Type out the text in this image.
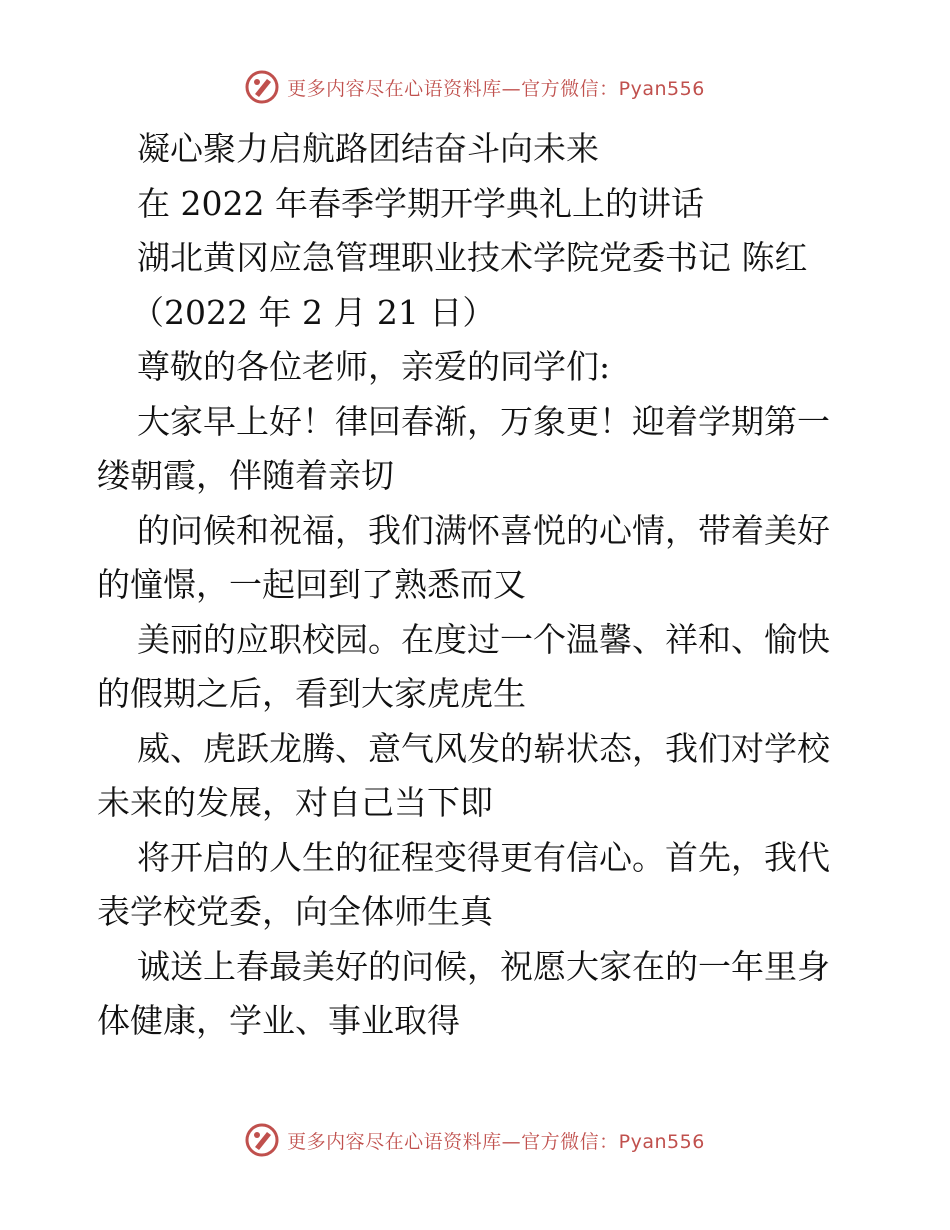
更多内容尽在心语资料库—官方微信：Pyan556
凝心聚力启航路团结奋斗向未来
在 2022 年春季学期开学典礼上的讲话
湖北黄冈应急管理职业技术学院党委书记 陈红
（2022 年 2 月 21 日）
尊敬的各位老师，亲爱的同学们:
大家早上好！律回春渐，万象更！迎着学期第一
缕朝霞，伴随着亲切
的问候和祝福，我们满怀喜悦的心情，带着美好
的憧憬，一起回到了熟悉而又
美丽的应职校园。在度过一个温馨、祥和、愉快
的假期之后，看到大家虎虎生
威、虎跃龙腾、意气风发的崭状态，我们对学校
未来的发展，对自己当下即
将开启的人生的征程变得更有信心。首先，我代
表学校党委，向全体师生真
诚送上春最美好的问候，祝愿大家在的一年里身
体健康，学业、事业取得
更多内容尽在心语资料库—官方微信：Pyan556
